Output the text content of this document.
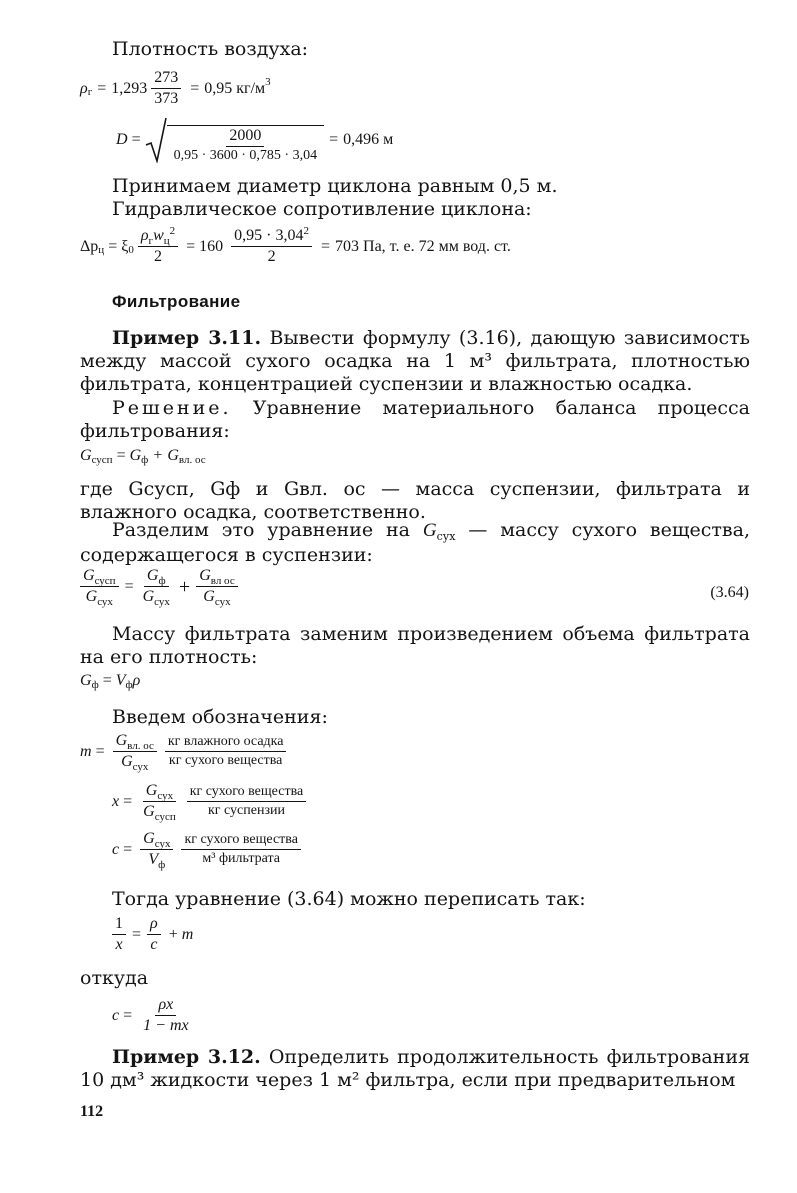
Плотность воздуха:

ρ $г = 1,293 \frac{273}{373} = 0,95$ кг/м 3
$D = \frac{2000}{0,95 \cdot 3600 \cdot 0,785 \cdot 3,04} = 0,496$ м

Принимаем диаметр циклона равным 0,5 м.

Гидравлическое сопротивление циклона:

Δp ц = ξ $0 \frac{\rho_гw_ц^2}{2} = 160 \frac{0,95 \cdot 3,04^2}{2} = 703$ Па, т. е. 72 мм вод. ст.
Фильтрование

Пример 3.11. Вывести формулу (3.16), дающую зависимость между массой сухого осадка на 1 м³ фильтрата, плотностью фильтрата, концентрацией суспензии и влажностью осадка.

Решение. Уравнение материального баланса процесса фильтрования:

G сусп = G ф + G вл. ос

где Gсусп, Gф и Gвл. ос — масса суспензии, фильтрата и влажного осадка, соответственно.

Разделим это уравнение на $G_{сух}$ — массу сухого вещества, содержащегося в суспензии:

$\frac{G_{сусп}}{G_{сух}} = \frac{G_ф}{G_{сух}} + \frac{G_{вл ос}}{G_{сух}}$	(3.64)

Массу фильтрата заменим произведением объема фильтрата на его плотность:

G ф = V ф ρ

Введем обозначения:

$m = \frac{G_{вл. ос}}{G_{сух}} \frac{\text{кг влажного осадка}}{\text{кг сухого вещества}}$
$x = \frac{G_{сух}}{G_{сусп}} \frac{\text{кг сухого вещества}}{\text{кг суспензии}}$
$c = \frac{G_{сух}}{V_ф} \frac{\text{кг сухого вещества}}{\text{м³ фильтрата}}$

Тогда уравнение (3.64) можно переписать так:

$\frac{1}{x} = \frac{\rho}{c} + m$

откуда

$c = \frac{\rho x}{1 - mx}$

Пример 3.12. Определить продолжительность фильтрования 10 дм³ жидкости через 1 м² фильтра, если при предварительном

112
